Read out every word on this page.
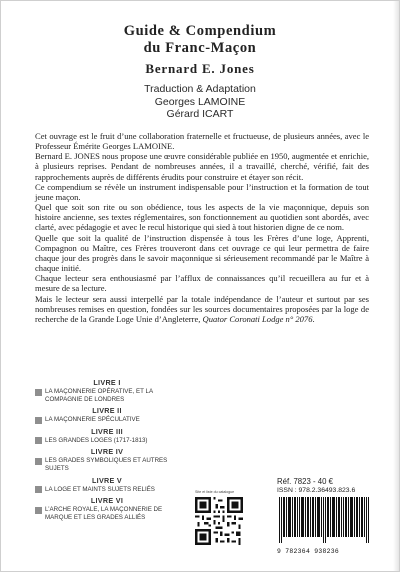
Guide & Compendium
du Franc-Maçon
Bernard E. Jones
Traduction & Adaptation
Georges LAMOINE
Gérard ICART

Cet ouvrage est le fruit d’une collaboration fraternelle et fructueuse, de plusieurs années, avec le Professeur Émérite Georges LAMOINE.

Bernard E. JONES nous propose une œuvre considérable publiée en 1950, augmentée et enrichie, à plusieurs reprises. Pendant de nombreuses années, il a travaillé, cherché, vérifié, fait des rapprochements auprès de différents érudits pour construire et étayer son récit.

Ce compendium se révèle un instrument indispensable pour l’instruction et la formation de tout jeune maçon.

Quel que soit son rite ou son obédience, tous les aspects de la vie maçonnique, depuis son histoire ancienne, ses textes réglementaires, son fonctionnement au quotidien sont abordés, avec clarté, avec pédagogie et avec le recul historique qui sied à tout historien digne de ce nom.

Quelle que soit la qualité de l’instruction dispensée à tous les Frères d’une loge, Apprenti, Compagnon ou Maître, ces Frères trouveront dans cet ouvrage ce qui leur permettra de faire chaque jour des progrès dans le savoir maçonnique si sérieusement recommandé par le Maître à chaque initié.

Chaque lecteur sera enthousiasmé par l’afflux de connaissances qu’il recueillera au fur et à mesure de sa lecture.

Mais le lecteur sera aussi interpellé par la totale indépendance de l’auteur et surtout par ses nombreuses remises en question, fondées sur les sources documentaires proposées par la loge de recherche de la Grande Loge Unie d’Angleterre, Quator Coronati Lodge n° 2076.

LIVRE I
LA MAÇONNERIE OPÉRATIVE, ET LA COMPAGNIE DE LONDRES
LIVRE II
LA MAÇONNERIE SPÉCULATIVE
LIVRE III
LES GRANDES LOGES (1717-1813)
LIVRE IV
LES GRADES SYMBOLIQUES ET AUTRES SUJETS
LIVRE V
LA LOGE ET MAINTS SUJETS RELIÉS
LIVRE VI
L’ARCHE ROYALE, LA MAÇONNERIE DE MARQUE ET LES GRADES ALLIÉS
Site et liste du catalogue
Réf. 7823 - 40 €
ISSN : 978.2.36493.823.6
9 782364 938236
